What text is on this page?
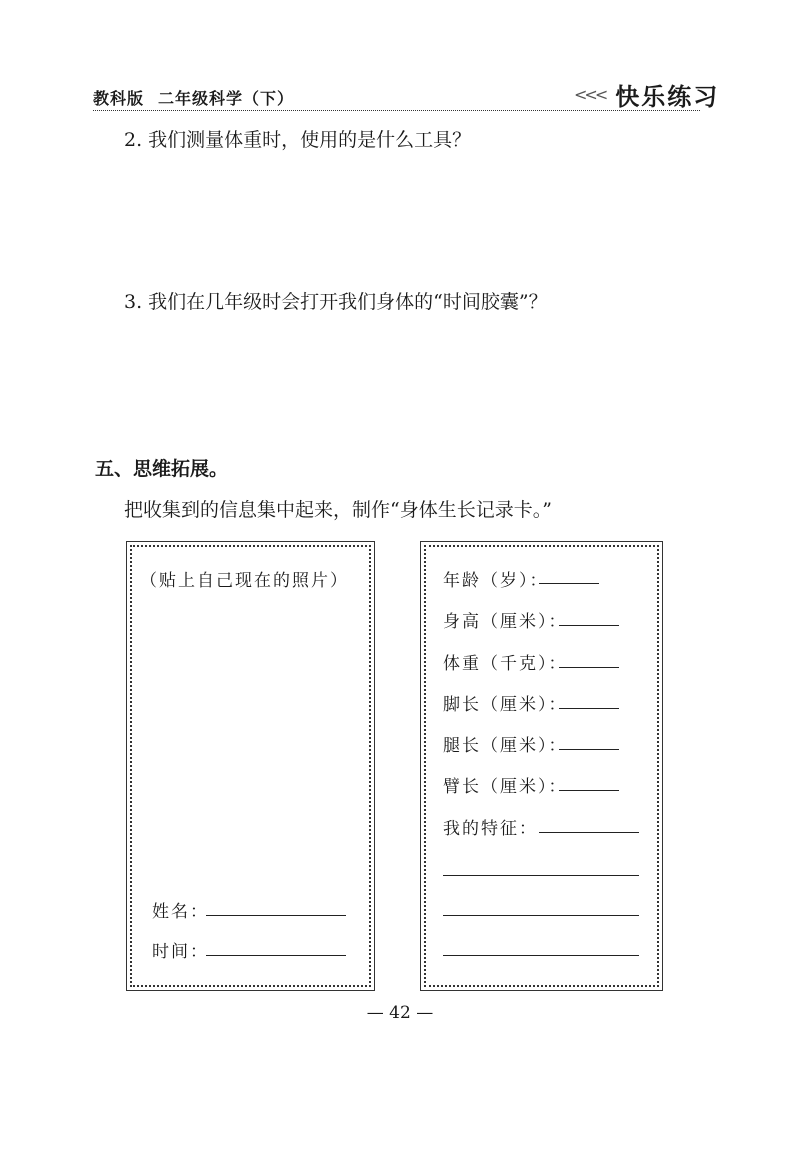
教科版 二年级科学（下）	<<< 快乐练习
2. 我们测量体重时，使用的是什么工具？
3. 我们在几年级时会打开我们身体的“时间胶囊”？
五、思维拓展。
把收集到的信息集中起来，制作“身体生长记录卡。”
（贴上自己现在的照片）
姓名：
时间：
年龄（岁）：
身高（厘米）：
体重（千克）：
脚长（厘米）：
腿长（厘米）：
臂长（厘米）：
我的特征：
— 42 —
